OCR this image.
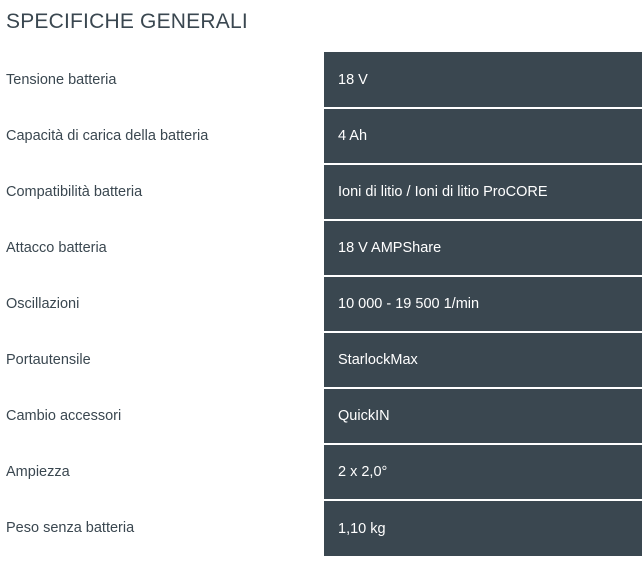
SPECIFICHE GENERALI
Tensione batteria	18 V
Capacità di carica della batteria	4 Ah
Compatibilità batteria	Ioni di litio / Ioni di litio ProCORE
Attacco batteria	18 V AMPShare
Oscillazioni	10 000 - 19 500 1/min
Portautensile	StarlockMax
Cambio accessori	QuickIN
Ampiezza	2 x 2,0°
Peso senza batteria	1,10 kg
